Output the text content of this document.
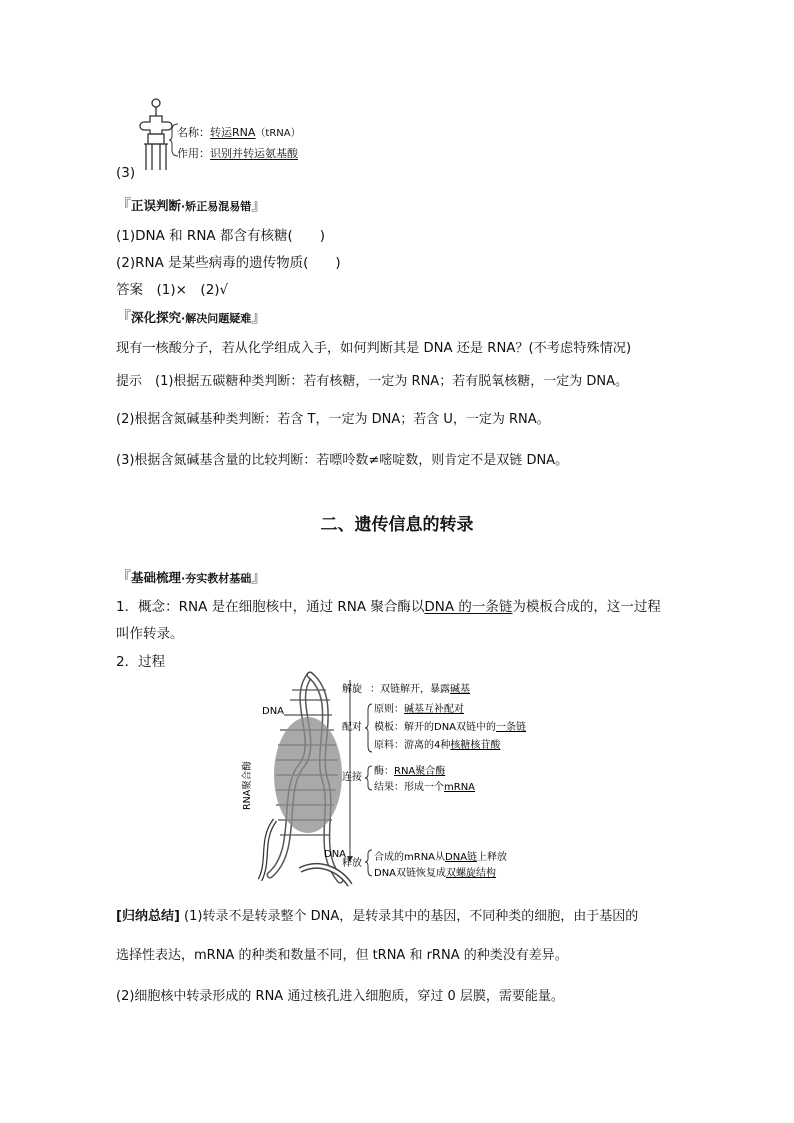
名称：转运RNA（tRNA）
作用：识别并转运氨基酸
(3)
『正误判断·矫正易混易错』
(1)DNA 和 RNA 都含有核糖(　　)
(2)RNA 是某些病毒的遗传物质(　　)
答案　(1)×　(2)√
『深化探究·解决问题疑难』
现有一核酸分子，若从化学组成入手，如何判断其是 DNA 还是 RNA？(不考虑特殊情况)
提示　(1)根据五碳糖种类判断：若有核糖，一定为 RNA；若有脱氧核糖，一定为 DNA。
(2)根据含氮碱基种类判断：若含 T，一定为 DNA；若含 U，一定为 RNA。
(3)根据含氮碱基含量的比较判断：若嘌呤数≠嘧啶数，则肯定不是双链 DNA。
二、遗传信息的转录
『基础梳理·夯实教材基础』
1．概念：RNA 是在细胞核中，通过 RNA 聚合酶以DNA 的一条链为模板合成的，这一过程
叫作转录。
2．过程
DNA
RNA聚合酶
DNA
解旋
配对
连接
释放
：双链解开，暴露碱基
原则：碱基互补配对
模板：解开的DNA双链中的一条链
原料：游离的4种核糖核苷酸
酶：RNA聚合酶
结果：形成一个mRNA
合成的mRNA从DNA链上释放
DNA双链恢复成双螺旋结构
[归纳总结] (1)转录不是转录整个 DNA，是转录其中的基因，不同种类的细胞，由于基因的
选择性表达，mRNA 的种类和数量不同，但 tRNA 和 rRNA 的种类没有差异。
(2)细胞核中转录形成的 RNA 通过核孔进入细胞质，穿过 0 层膜，需要能量。
